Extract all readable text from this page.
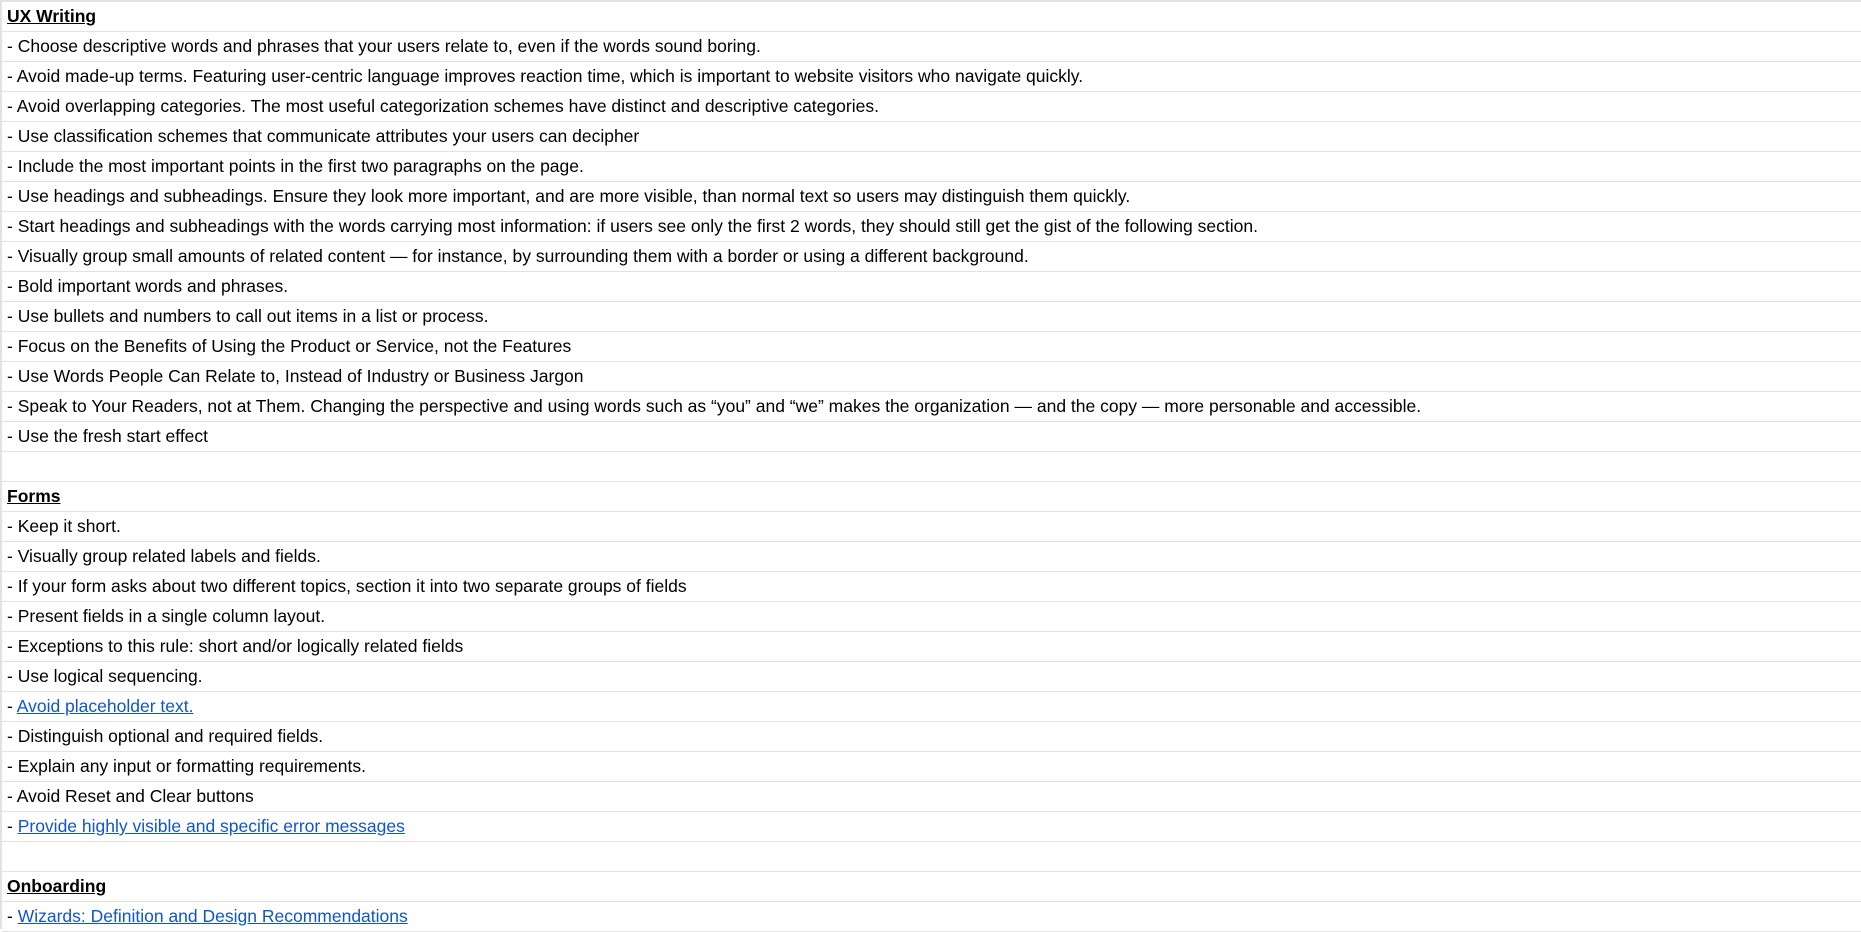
UX Writing
- Choose descriptive words and phrases that your users relate to, even if the words sound boring.
- Avoid made-up terms. Featuring user-centric language improves reaction time, which is important to website visitors who navigate quickly.
- Avoid overlapping categories. The most useful categorization schemes have distinct and descriptive categories.
- Use classification schemes that communicate attributes your users can decipher
- Include the most important points in the first two paragraphs on the page.
- Use headings and subheadings. Ensure they look more important, and are more visible, than normal text so users may distinguish them quickly.
- Start headings and subheadings with the words carrying most information: if users see only the first 2 words, they should still get the gist of the following section.
- Visually group small amounts of related content — for instance, by surrounding them with a border or using a different background.
- Bold important words and phrases.
- Use bullets and numbers to call out items in a list or process.
- Focus on the Benefits of Using the Product or Service, not the Features
- Use Words People Can Relate to, Instead of Industry or Business Jargon
- Speak to Your Readers, not at Them. Changing the perspective and using words such as “you” and “we” makes the organization — and the copy — more personable and accessible.
- Use the fresh start effect
Forms
- Keep it short.
- Visually group related labels and fields.
- If your form asks about two different topics, section it into two separate groups of fields
- Present fields in a single column layout.
- Exceptions to this rule: short and/or logically related fields
- Use logical sequencing.
- Avoid placeholder text.
- Distinguish optional and required fields.
- Explain any input or formatting requirements.
- Avoid Reset and Clear buttons
- Provide highly visible and specific error messages
Onboarding
- Wizards: Definition and Design Recommendations
